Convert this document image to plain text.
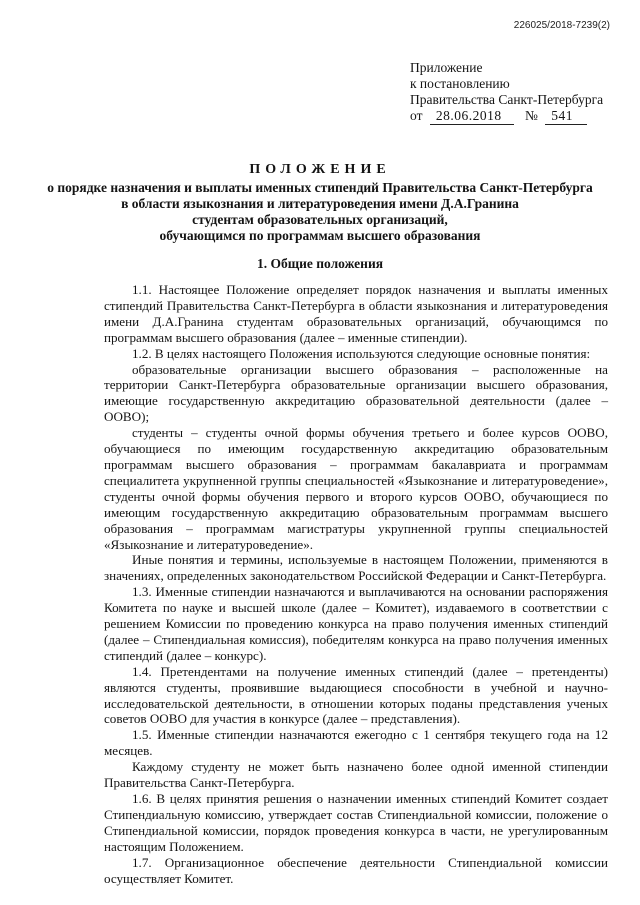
226025/2018-7239(2)
Приложение
к постановлению
Правительства Санкт-Петербурга
от 28.06.2018 № 541
ПОЛОЖЕНИЕ
о порядке назначения и выплаты именных стипендий Правительства Санкт-Петербурга
в области языкознания и литературоведения имени Д.А.Гранина
студентам образовательных организаций,
обучающимся по программам высшего образования
1. Общие положения

1.1. Настоящее Положение определяет порядок назначения и выплаты именных стипендий Правительства Санкт-Петербурга в области языкознания и литературоведения имени Д.А.Гранина студентам образовательных организаций, обучающимся по программам высшего образования (далее – именные стипендии).

1.2. В целях настоящего Положения используются следующие основные понятия:

образовательные организации высшего образования – расположенные на территории Санкт-Петербурга образовательные организации высшего образования, имеющие государственную аккредитацию образовательной деятельности (далее – ООВО);

студенты – студенты очной формы обучения третьего и более курсов ООВО, обучающиеся по имеющим государственную аккредитацию образовательным программам высшего образования – программам бакалавриата и программам специалитета укрупненной группы специальностей «Языкознание и литературоведение», студенты очной формы обучения первого и второго курсов ООВО, обучающиеся по имеющим государственную аккредитацию образовательным программам высшего образования – программам магистратуры укрупненной группы специальностей «Языкознание и литературоведение».

Иные понятия и термины, используемые в настоящем Положении, применяются в значениях, определенных законодательством Российской Федерации и Санкт-Петербурга.

1.3. Именные стипендии назначаются и выплачиваются на основании распоряжения Комитета по науке и высшей школе (далее – Комитет), издаваемого в соответствии с решением Комиссии по проведению конкурса на право получения именных стипендий (далее – Стипендиальная комиссия), победителям конкурса на право получения именных стипендий (далее – конкурс).

1.4. Претендентами на получение именных стипендий (далее – претенденты) являются студенты, проявившие выдающиеся способности в учебной и научно-исследовательской деятельности, в отношении которых поданы представления ученых советов ООВО для участия в конкурсе (далее – представления).

1.5. Именные стипендии назначаются ежегодно с 1 сентября текущего года на 12 месяцев.

Каждому студенту не может быть назначено более одной именной стипендии Правительства Санкт-Петербурга.

1.6. В целях принятия решения о назначении именных стипендий Комитет создает Стипендиальную комиссию, утверждает состав Стипендиальной комиссии, положение о Стипендиальной комиссии, порядок проведения конкурса в части, не урегулированным настоящим Положением.

1.7. Организационное обеспечение деятельности Стипендиальной комиссии осуществляет Комитет.
